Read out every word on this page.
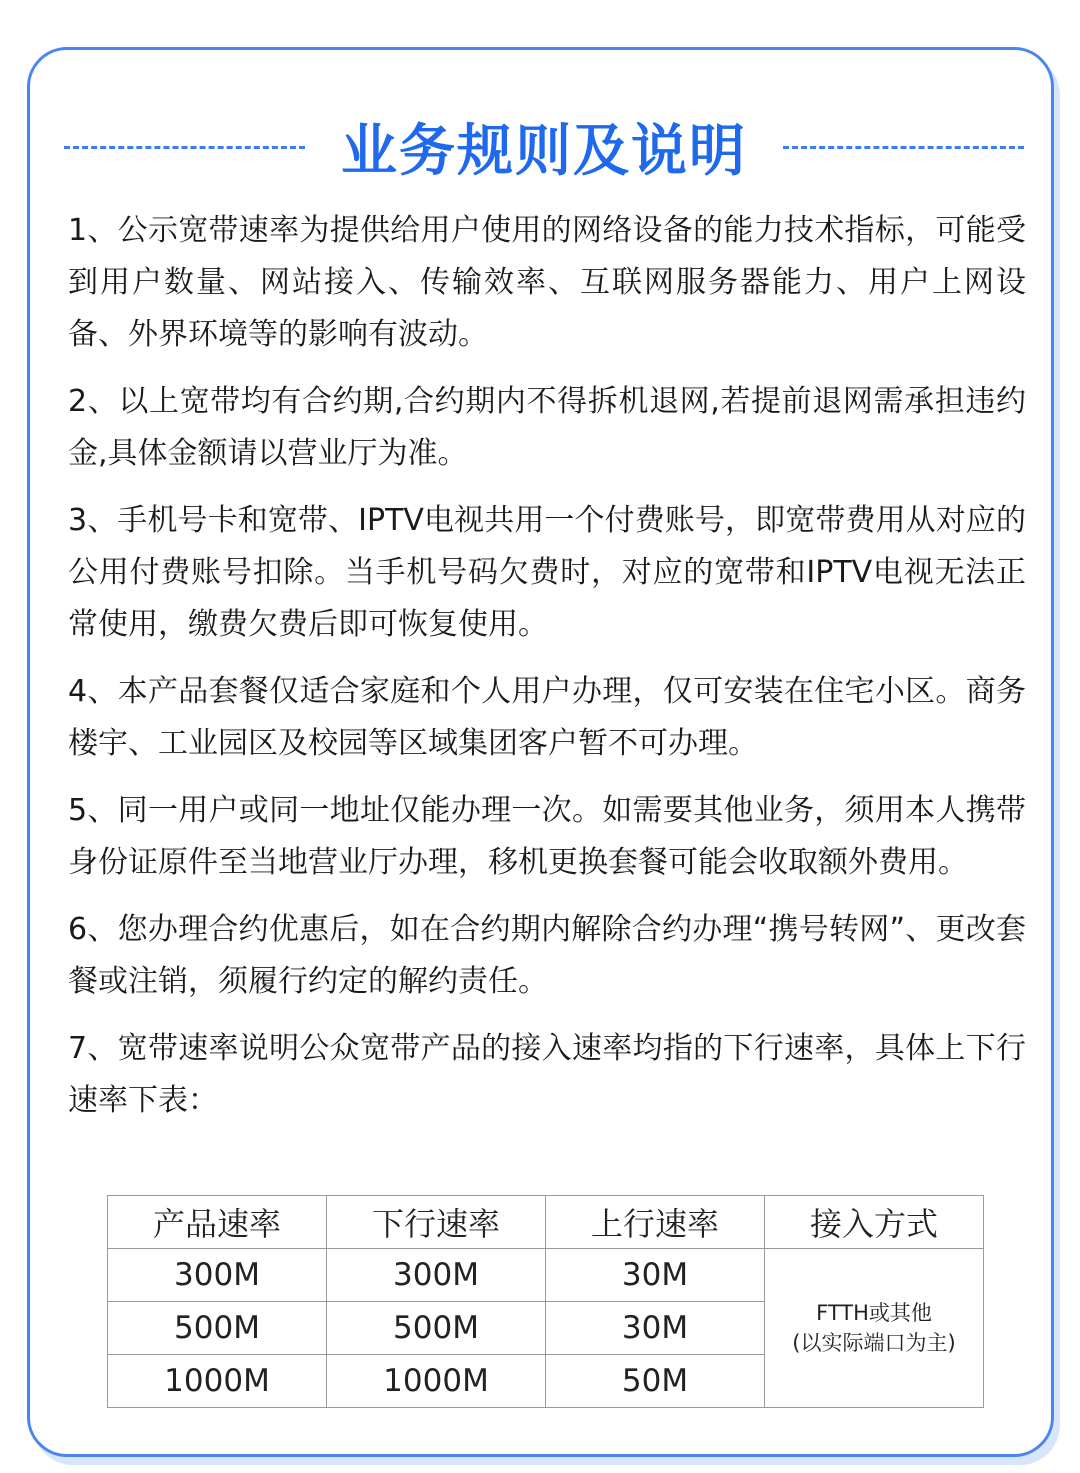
业务规则及说明

1、公示宽带速率为提供给用户使用的网络设备的能力技术指标，可能受到用户数量、网站接入、传输效率、互联网服务器能力、用户上网设备、外界环境等的影响有波动。

2、以上宽带均有合约期,合约期内不得拆机退网,若提前退网需承担违约金,具体金额请以营业厅为准。

3、手机号卡和宽带、IPTV电视共用一个付费账号，即宽带费用从对应的公用付费账号扣除。当手机号码欠费时，对应的宽带和IPTV电视无法正常使用，缴费欠费后即可恢复使用。

4、本产品套餐仅适合家庭和个人用户办理，仅可安装在住宅小区。商务楼宇、工业园区及校园等区域集团客户暂不可办理。

5、同一用户或同一地址仅能办理一次。如需要其他业务，须用本人携带身份证原件至当地营业厅办理，移机更换套餐可能会收取额外费用。

6、您办理合约优惠后，如在合约期内解除合约办理“携号转网”、更改套餐或注销，须履行约定的解约责任。

7、宽带速率说明公众宽带产品的接入速率均指的下行速率，具体上下行速率下表：

产品速率	下行速率	上行速率	接入方式
300M	300M	30M	FTTH或其他
(以实际端口为主)

500M	500M	30M	
1000M	1000M	50M	
